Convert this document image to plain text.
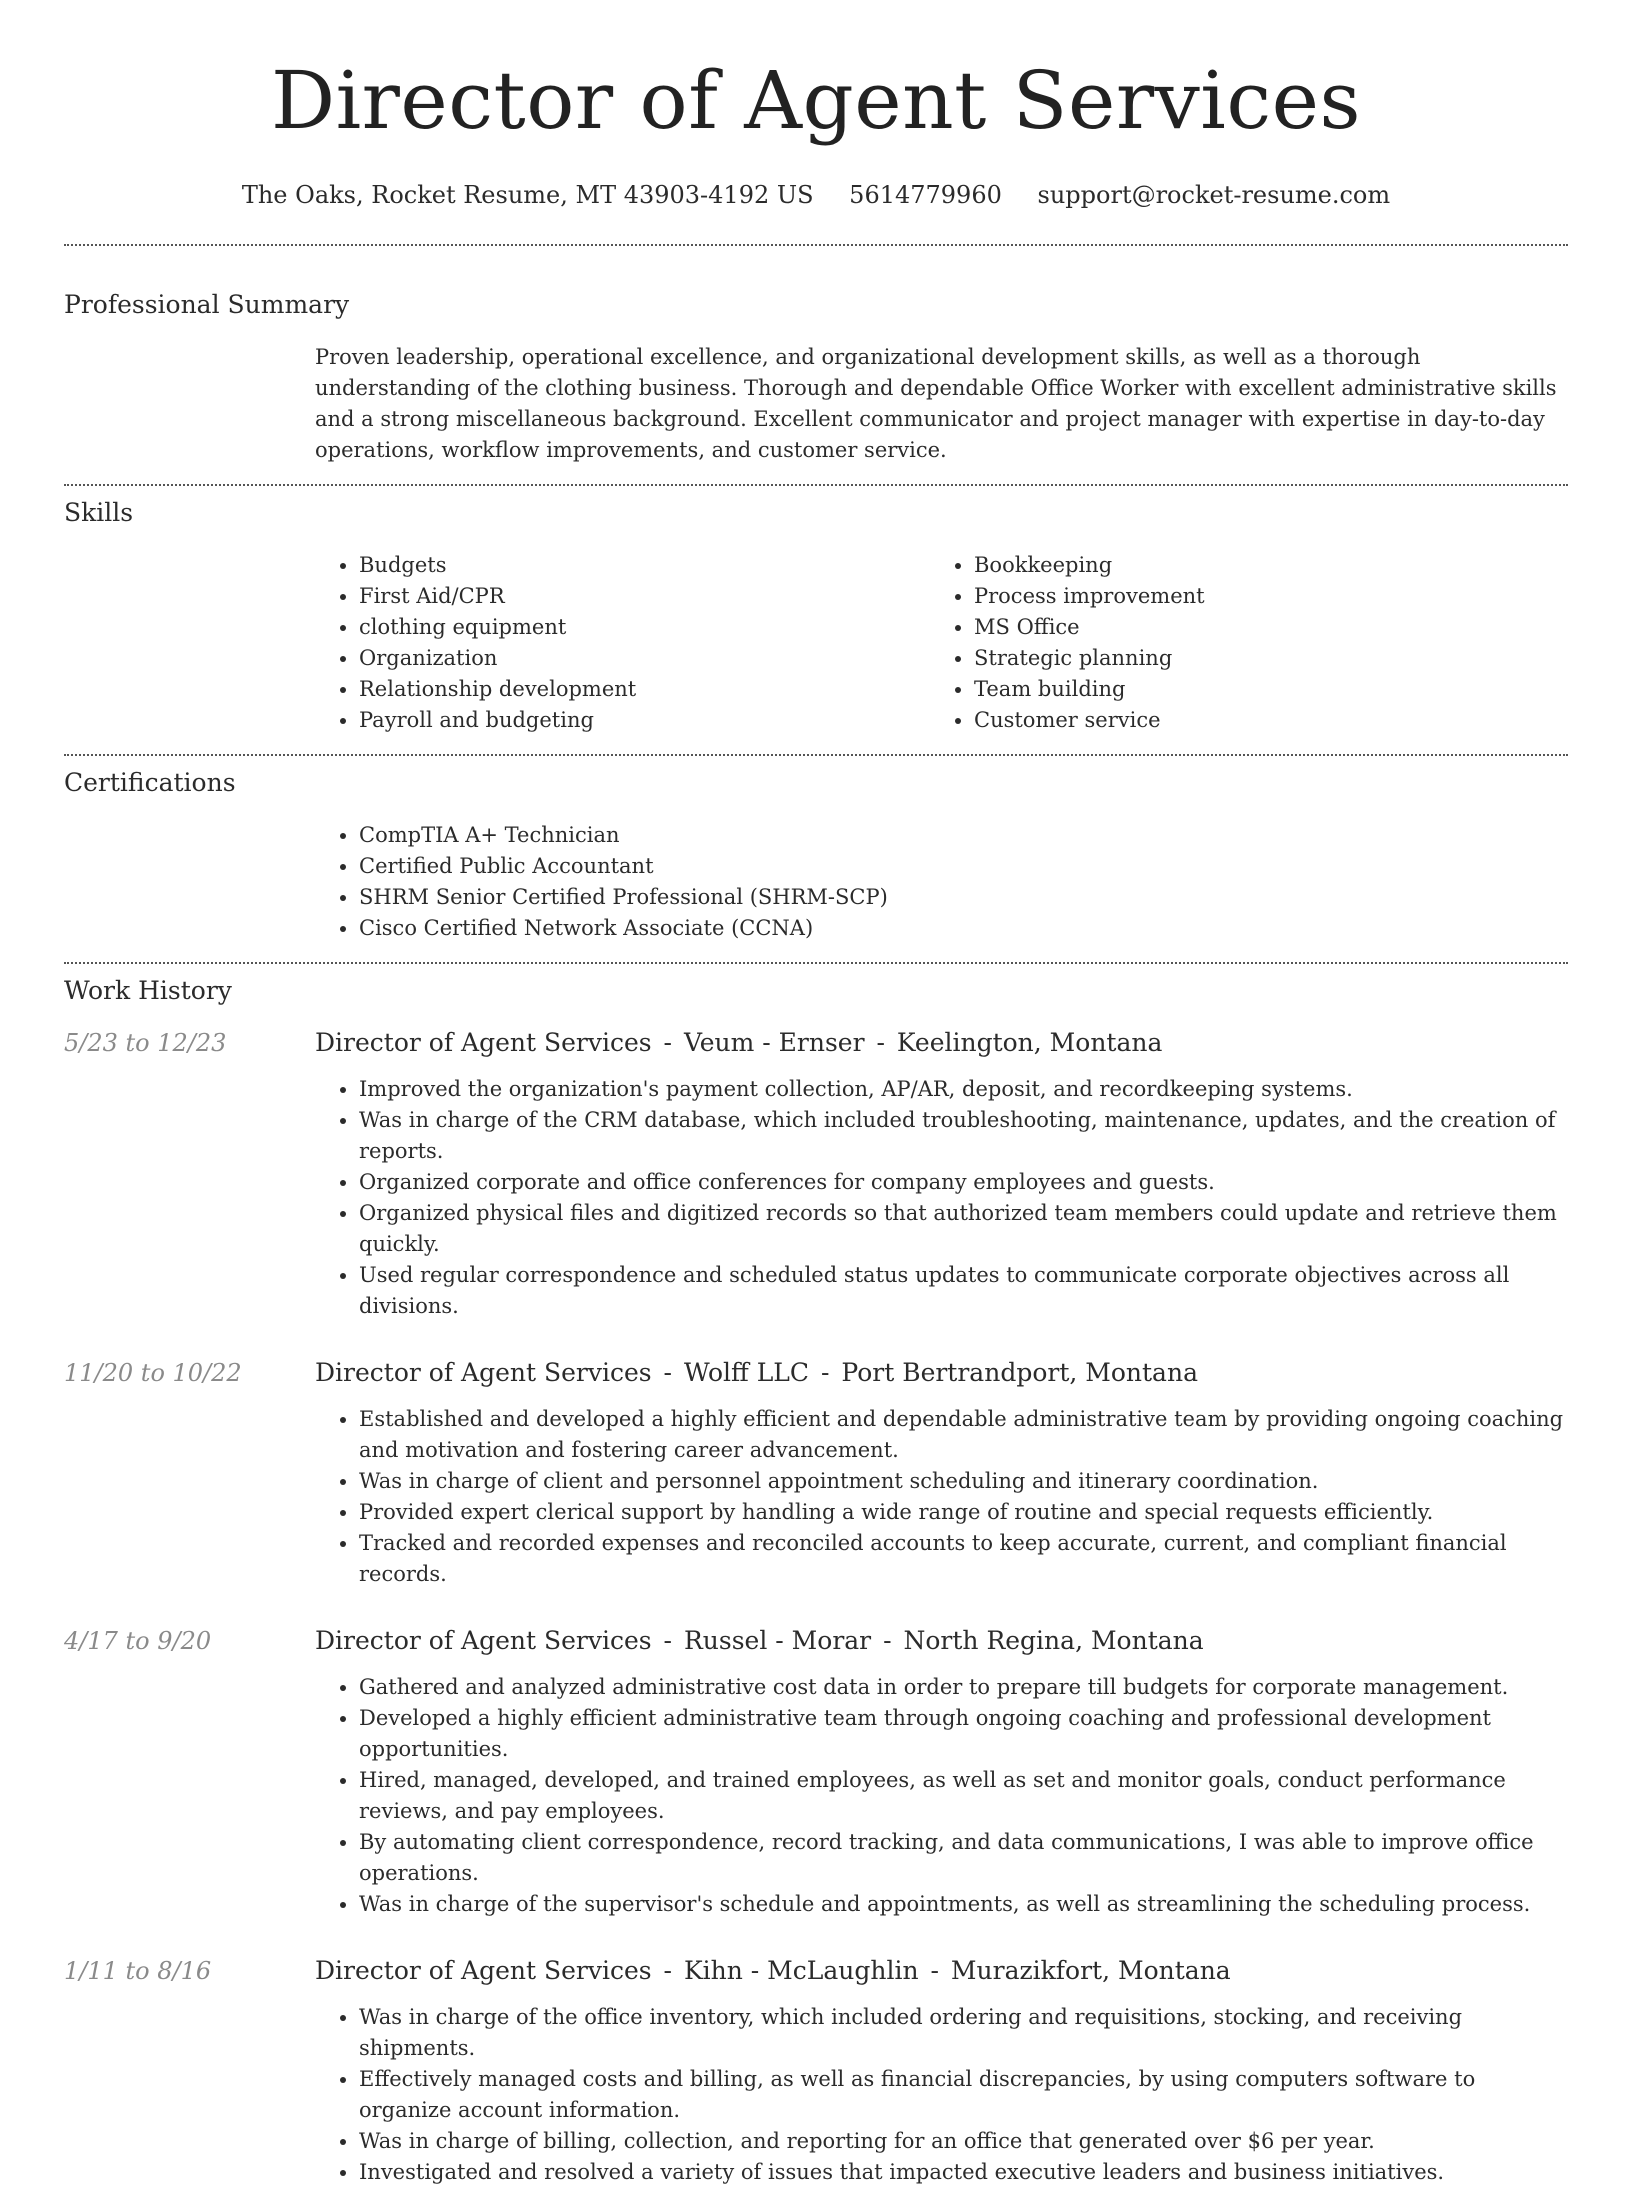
Director of Agent Services
The Oaks, Rocket Resume, MT 43903-4192 US 5614779960 support@rocket-resume.com
Professional Summary

Proven leadership, operational excellence, and organizational development skills, as well as a thorough understanding of the clothing business. Thorough and dependable Office Worker with excellent administrative skills and a strong miscellaneous background. Excellent communicator and project manager with expertise in day-to-day operations, workflow improvements, and customer service.

Skills
• Budgets
• First Aid/CPR
• clothing equipment
• Organization
• Relationship development
• Payroll and budgeting
• Bookkeeping
• Process improvement
• MS Office
• Strategic planning
• Team building
• Customer service
Certifications
• CompTIA A+ Technician
• Certified Public Accountant
• SHRM Senior Certified Professional (SHRM-SCP)
• Cisco Certified Network Associate (CCNA)
Work History
5/23 to 12/23	Director of Agent Services - Veum - Ernser - Keelington, Montana
• Improved the organization's payment collection, AP/AR, deposit, and recordkeeping systems.
• Was in charge of the CRM database, which included troubleshooting, maintenance, updates, and the creation of reports.
• Organized corporate and office conferences for company employees and guests.
• Organized physical files and digitized records so that authorized team members could update and retrieve them quickly.
• Used regular correspondence and scheduled status updates to communicate corporate objectives across all divisions.
11/20 to 10/22	Director of Agent Services - Wolff LLC - Port Bertrandport, Montana
• Established and developed a highly efficient and dependable administrative team by providing ongoing coaching and motivation and fostering career advancement.
• Was in charge of client and personnel appointment scheduling and itinerary coordination.
• Provided expert clerical support by handling a wide range of routine and special requests efficiently.
• Tracked and recorded expenses and reconciled accounts to keep accurate, current, and compliant financial records.
4/17 to 9/20	Director of Agent Services - Russel - Morar - North Regina, Montana
• Gathered and analyzed administrative cost data in order to prepare till budgets for corporate management.
• Developed a highly efficient administrative team through ongoing coaching and professional development opportunities.
• Hired, managed, developed, and trained employees, as well as set and monitor goals, conduct performance reviews, and pay employees.
• By automating client correspondence, record tracking, and data communications, I was able to improve office operations.
• Was in charge of the supervisor's schedule and appointments, as well as streamlining the scheduling process.
1/11 to 8/16	Director of Agent Services - Kihn - McLaughlin - Murazikfort, Montana
• Was in charge of the office inventory, which included ordering and requisitions, stocking, and receiving shipments.
• Effectively managed costs and billing, as well as financial discrepancies, by using computers software to organize account information.
• Was in charge of billing, collection, and reporting for an office that generated over $6 per year.
• Investigated and resolved a variety of issues that impacted executive leaders and business initiatives.
